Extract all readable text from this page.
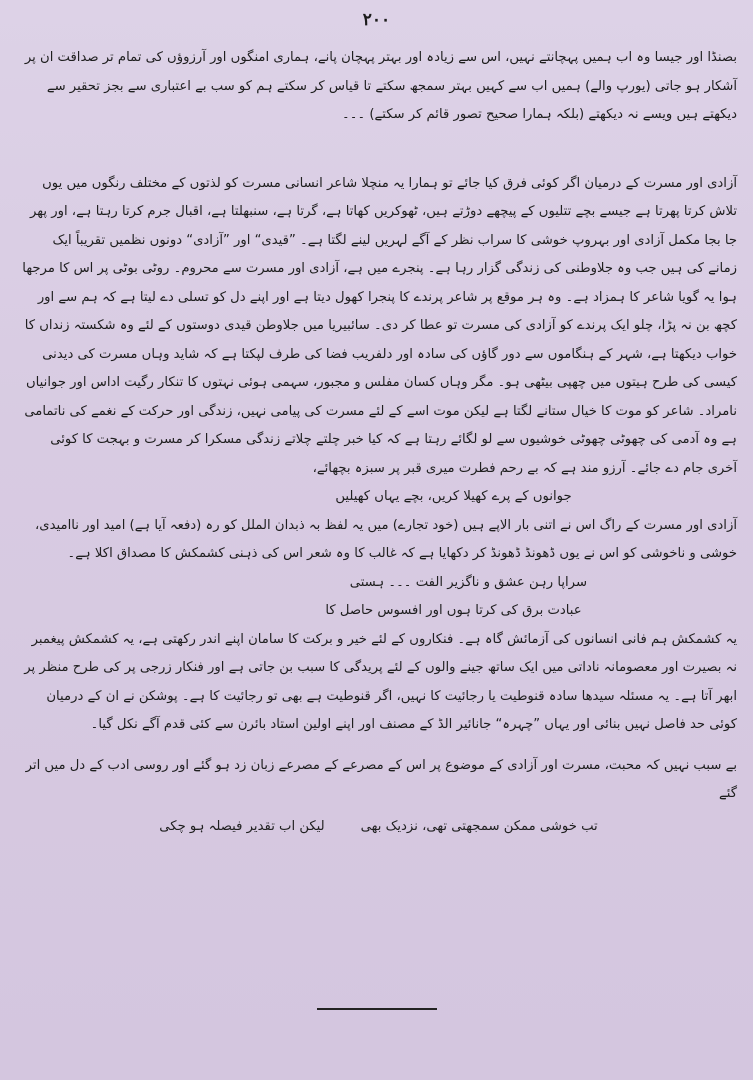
۲۰۰

بصنڈا اور جیسا وہ اب ہمیں پہچانتے نہیں، اس سے زیادہ اور بہتر پہچان پانے، ہماری امنگوں اور آرزوؤں کی تمام تر صداقت ان پر آشکار ہو جاتی (یورپ والے) ہمیں اب سے کہیں بہتر سمجھ سکتے تا قیاس کر سکتے ہم کو سب بے اعتباری سے بجز تحقیر سے دیکھتے ہیں ویسے نہ دیکھتے (بلکہ ہمارا صحیح تصور قائم کر سکتے) ۔۔۔

آزادی اور مسرت کے درمیان اگر کوئی فرق کیا جائے تو ہمارا یہ منچلا شاعر انسانی مسرت کو لذتوں کے مختلف رنگوں میں یوں تلاش کرتا پھرتا ہے جیسے بچے تتلیوں کے پیچھے دوڑتے ہیں، ٹھوکریں کھاتا ہے، گرتا ہے، سنبھلتا ہے، اقبال جرم کرتا رہتا ہے، اور پھر جا بجا مکمل آزادی اور بہروپ خوشی کا سراب نظر کے آگے لہریں لینے لگتا ہے۔ ”قیدی“ اور ”آزادی“ دونوں نظمیں تقریباً ایک زمانے کی ہیں جب وہ جلاوطنی کی زندگی گزار رہا ہے۔ پنجرے میں ہے، آزادی اور مسرت سے محروم۔ روٹی بوٹی پر اس کا مرجھا ہوا یہ گویا شاعر کا ہمزاد ہے۔ وہ ہر موقع پر شاعر پرندے کا پنجرا کھول دیتا ہے اور اپنے دل کو تسلی دے لیتا ہے کہ ہم سے اور کچھ بن نہ پڑا، چلو ایک پرندے کو آزادی کی مسرت تو عطا کر دی۔ سائبیریا میں جلاوطن قیدی دوستوں کے لئے وہ شکستہ زنداں کا خواب دیکھتا ہے، شہر کے ہنگاموں سے دور گاؤں کی سادہ اور دلفریب فضا کی طرف لپکتا ہے کہ شاید وہاں مسرت کی دیدنی کیسی کی طرح ہیتوں میں چھپی بیٹھی ہو۔ مگر وہاں کسان مفلس و مجبور، سہمی ہوئی نہتوں کا تنکار رگیت اداس اور جوانیاں نامراد۔ شاعر کو موت کا خیال ستانے لگتا ہے لیکن موت اسے کے لئے مسرت کی پیامی نہیں، زندگی اور حرکت کے نغمے کی ناتمامی ہے وہ آدمی کی چھوٹی چھوٹی خوشیوں سے لو لگائے رہتا ہے کہ کیا خبر چلتے چلاتے زندگی مسکرا کر مسرت و بہجت کا کوئی آخری جام دے جائے۔ آرزو مند ہے کہ بے رحم فطرت میری قبر پر سبزہ بچھائے،

جوانوں کے پرے کھیلا کریں، بچے یہاں کھیلیں

آزادی اور مسرت کے راگ اس نے اتنی بار الاپے ہیں (خود تجارے) میں یہ لفظ بہ ذبدان الملل کو رہ (دفعہ آیا ہے) امید اور ناامیدی، خوشی و ناخوشی کو اس نے یوں ڈھونڈ ڈھونڈ کر دکھایا ہے کہ غالب کا وہ شعر اس کی ذہنی کشمکش کا مصداق اکلا ہے۔

سراپا رہن عشق و ناگزیر الفت ۔۔۔ ہستی

عبادت برق کی کرتا ہوں اور افسوس حاصل کا

یہ کشمکش ہم فانی انسانوں کی آزمائش گاہ ہے۔ فنکاروں کے لئے خیر و برکت کا سامان اپنے اندر رکھتی ہے، یہ کشمکش پیغمبر نہ بصیرت اور معصومانہ ناداتی میں ایک ساتھ جینے والوں کے لئے پریدگی کا سبب بن جاتی ہے اور فنکار زرجی پر کی طرح منظر پر ابھر آتا ہے۔ یہ مسئلہ سیدھا سادہ قنوطیت یا رجائیت کا نہیں، اگر قنوطیت ہے بھی تو رجائیت کا ہے۔ پوشکن نے ان کے درمیان کوئی حد فاصل نہیں بنائی اور یہاں ”چہرہ“ جانائیر الڈ کے مصنف اور اپنے اولین استاد بائرن سے کئی قدم آگے نکل گیا۔

بے سبب نہیں کہ محبت، مسرت اور آزادی کے موضوع پر اس کے مصرعے کے مصرعے زبان زد ہو گئے اور روسی ادب کے دل میں اتر گئے

تب خوشی ممکن سمجھتی تھی، نزدیک بھی
لیکن اب تقدیر فیصلہ ہو چکی
